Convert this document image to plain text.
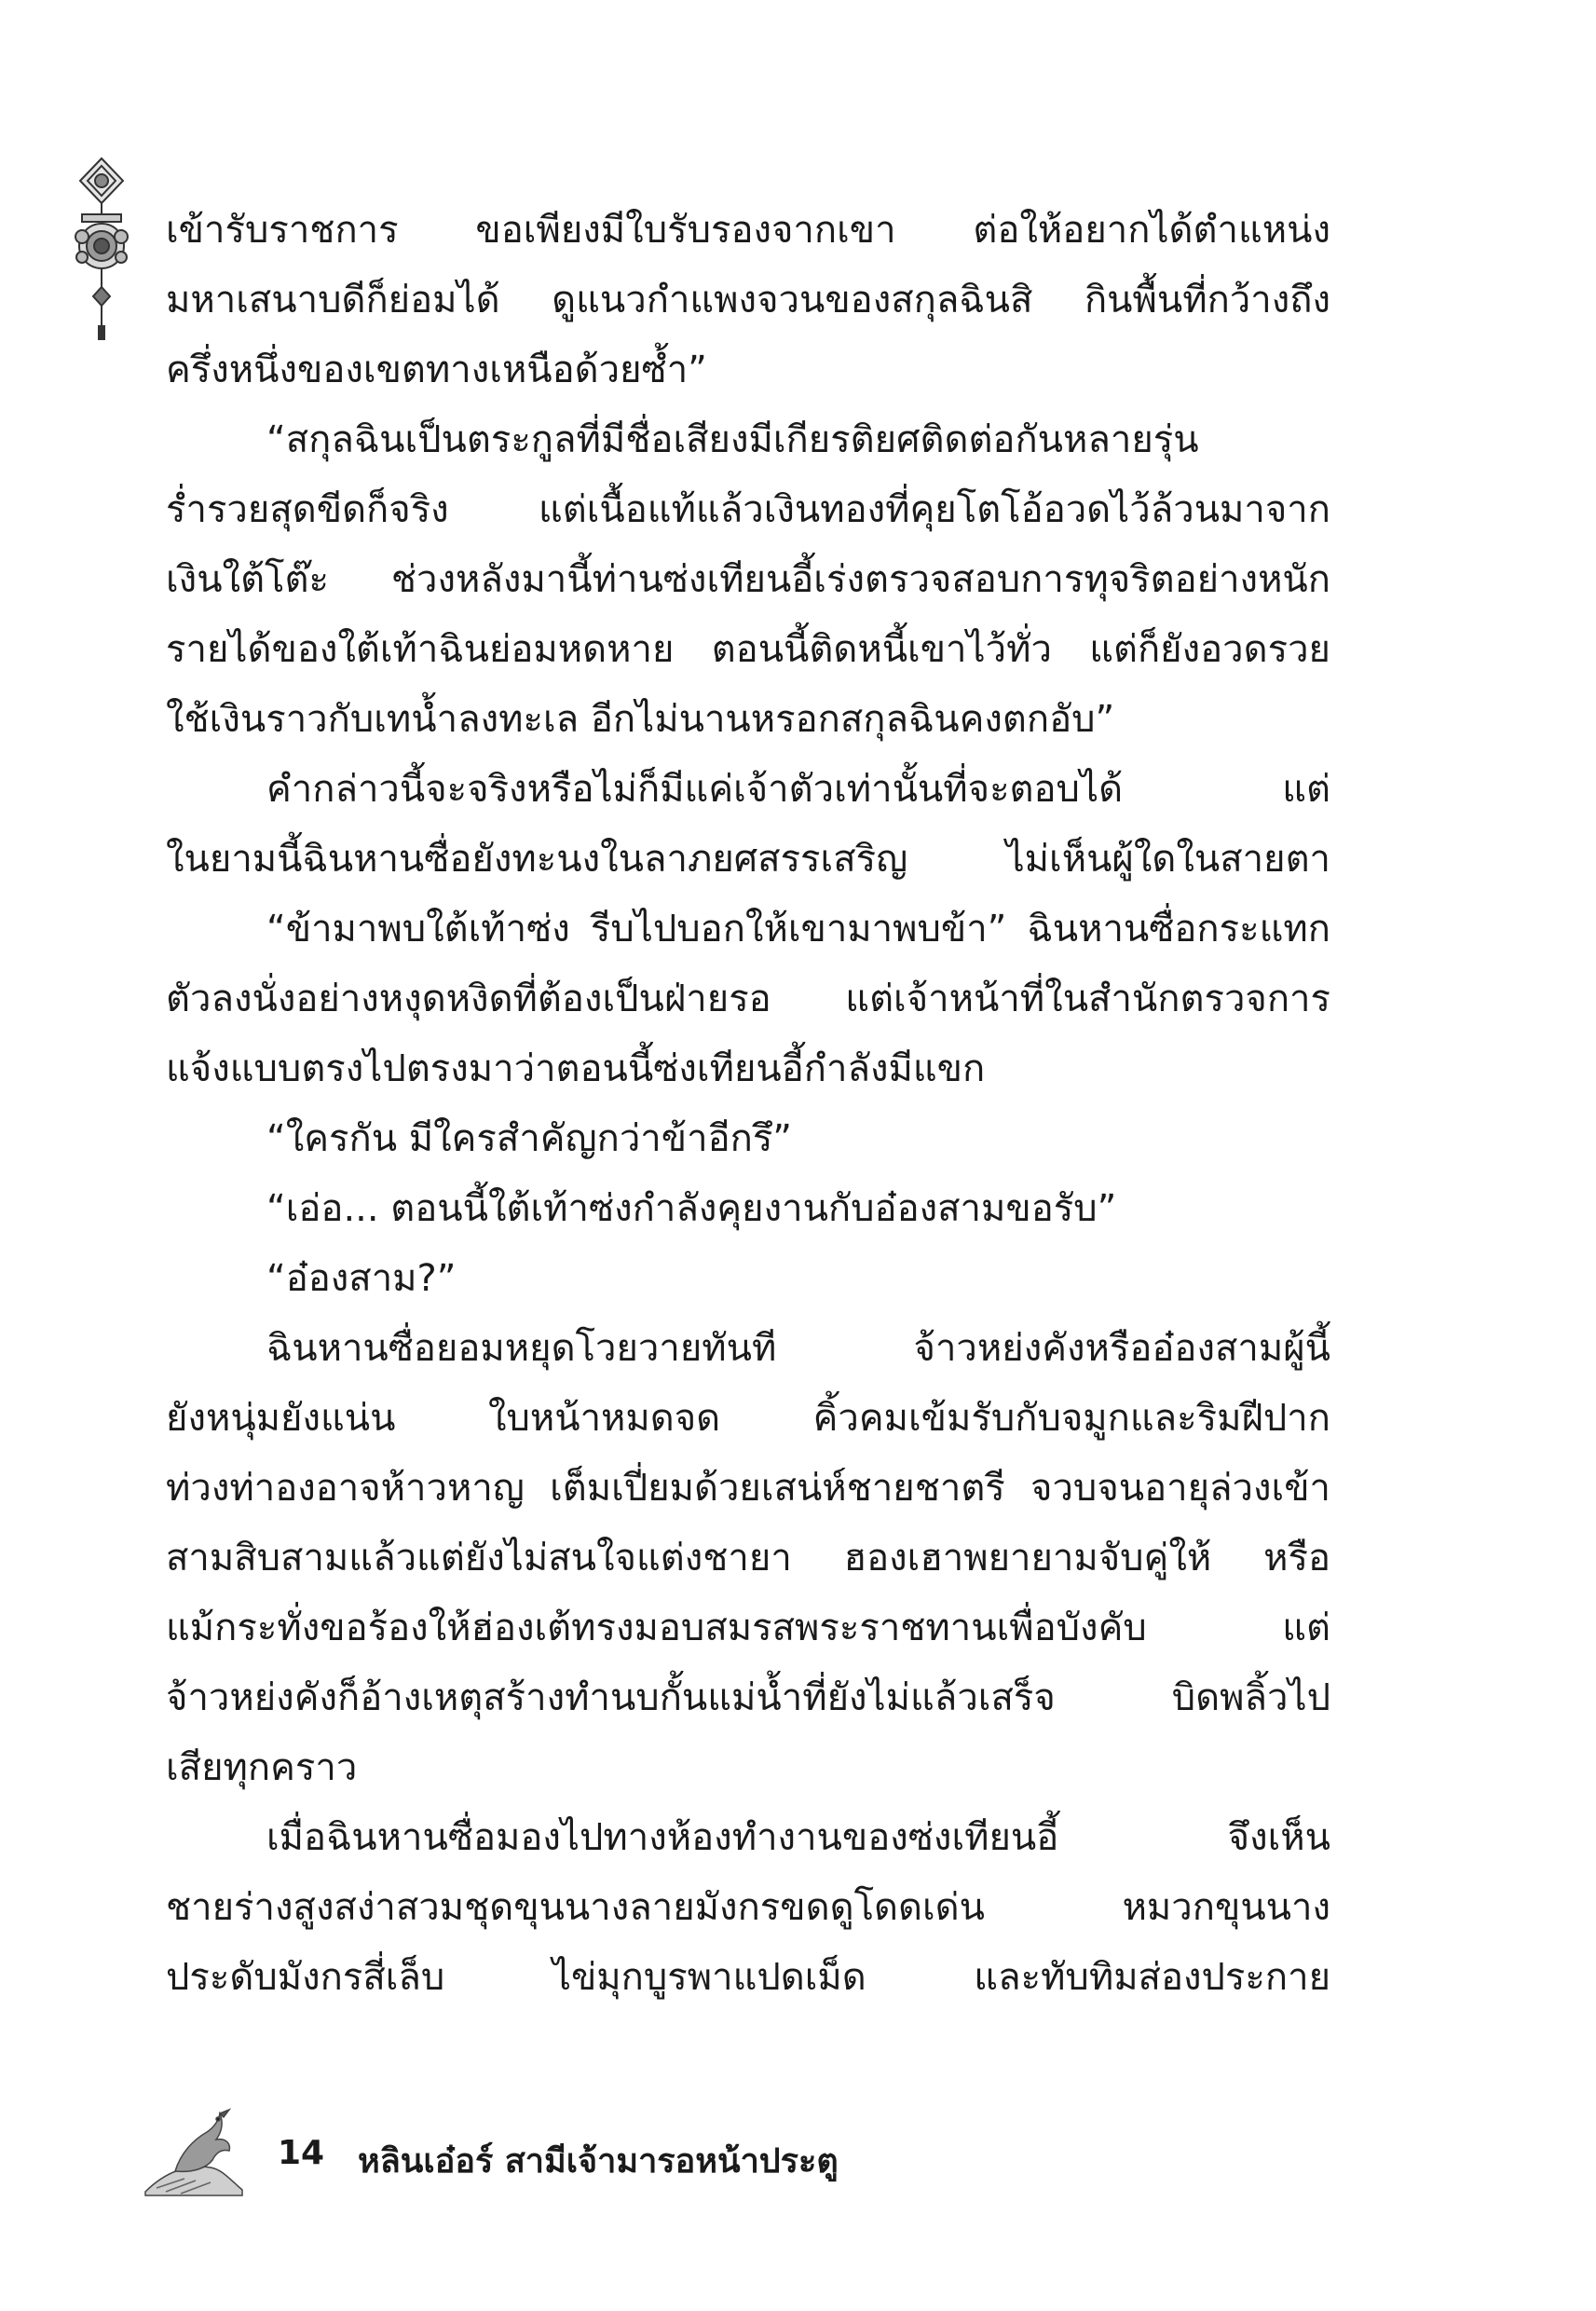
เข้ารับราชการ ขอเพียงมีใบรับรองจากเขา ต่อให้อยากได้ตำแหน่ง
มหาเสนาบดีก็ย่อมได้ ดูแนวกำแพงจวนของสกุลฉินสิ กินพื้นที่กว้างถึง
ครึ่งหนึ่งของเขตทางเหนือด้วยซ้ำ”
“สกุลฉินเป็นตระกูลที่มีชื่อเสียงมีเกียรติยศติดต่อกันหลายรุ่น
ร่ำรวยสุดขีดก็จริง แต่เนื้อแท้แล้วเงินทองที่คุยโตโอ้อวดไว้ล้วนมาจาก
เงินใต้โต๊ะ ช่วงหลังมานี้ท่านซ่งเทียนอี้เร่งตรวจสอบการทุจริตอย่างหนัก
รายได้ของใต้เท้าฉินย่อมหดหาย ตอนนี้ติดหนี้เขาไว้ทั่ว แต่ก็ยังอวดรวย
ใช้เงินราวกับเทน้ำลงทะเล อีกไม่นานหรอกสกุลฉินคงตกอับ”
คำกล่าวนี้จะจริงหรือไม่ก็มีแค่เจ้าตัวเท่านั้นที่จะตอบได้ แต่
ในยามนี้ฉินหานซื่อยังทะนงในลาภยศสรรเสริญ ไม่เห็นผู้ใดในสายตา
“ข้ามาพบใต้เท้าซ่ง รีบไปบอกให้เขามาพบข้า” ฉินหานซื่อกระแทก
ตัวลงนั่งอย่างหงุดหงิดที่ต้องเป็นฝ่ายรอ แต่เจ้าหน้าที่ในสำนักตรวจการ
แจ้งแบบตรงไปตรงมาว่าตอนนี้ซ่งเทียนอี้กำลังมีแขก
“ใครกัน มีใครสำคัญกว่าข้าอีกรึ”
“เอ่อ... ตอนนี้ใต้เท้าซ่งกำลังคุยงานกับอ๋องสามขอรับ”
“อ๋องสาม?”
ฉินหานซื่อยอมหยุดโวยวายทันที จ้าวหย่งคังหรืออ๋องสามผู้นี้
ยังหนุ่มยังแน่น ใบหน้าหมดจด คิ้วคมเข้มรับกับจมูกและริมฝีปาก
ท่วงท่าองอาจห้าวหาญ เต็มเปี่ยมด้วยเสน่ห์ชายชาตรี จวบจนอายุล่วงเข้า
สามสิบสามแล้วแต่ยังไม่สนใจแต่งชายา ฮองเฮาพยายามจับคู่ให้ หรือ
แม้กระทั่งขอร้องให้ฮ่องเต้ทรงมอบสมรสพระราชทานเพื่อบังคับ แต่
จ้าวหย่งคังก็อ้างเหตุสร้างทำนบกั้นแม่น้ำที่ยังไม่แล้วเสร็จ บิดพลิ้วไป
เสียทุกคราว
เมื่อฉินหานซื่อมองไปทางห้องทำงานของซ่งเทียนอี้ จึงเห็น
ชายร่างสูงสง่าสวมชุดขุนนางลายมังกรขดดูโดดเด่น หมวกขุนนาง
ประดับมังกรสี่เล็บ ไข่มุกบูรพาแปดเม็ด และทับทิมส่องประกาย
14 หลินเอ๋อร์ สามีเจ้ามารอหน้าประตู
